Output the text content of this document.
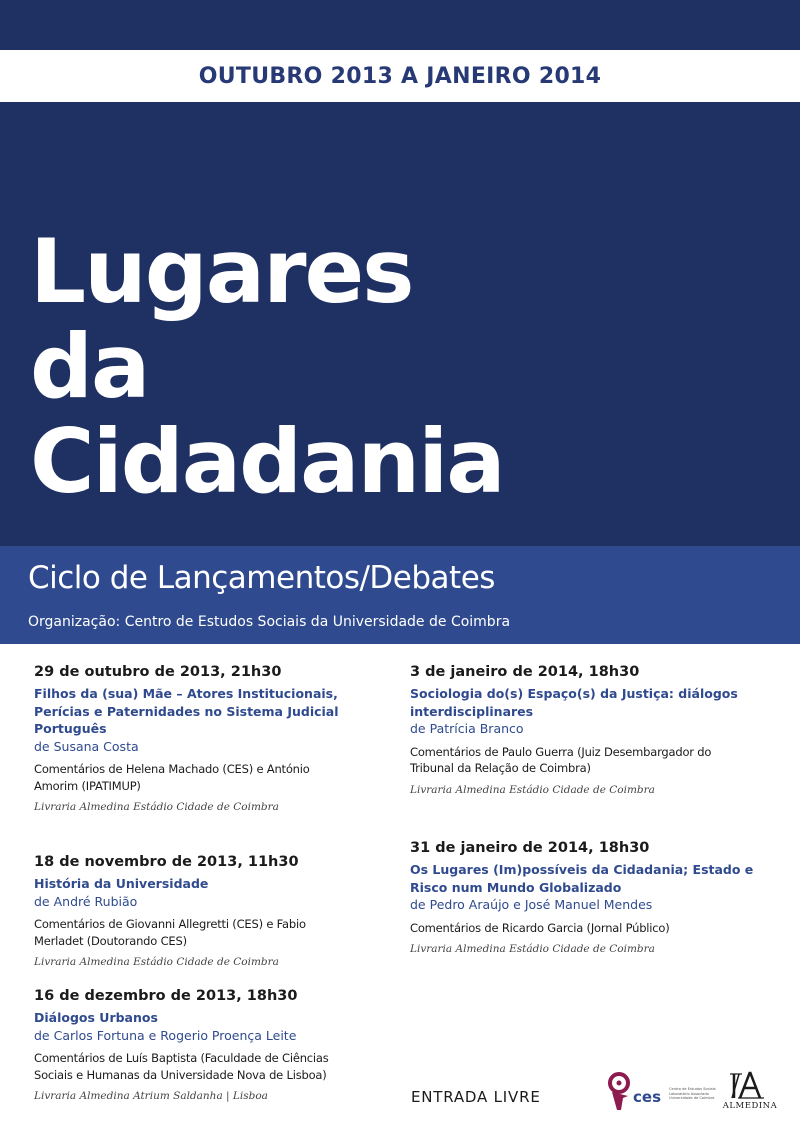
OUTUBRO 2013 A JANEIRO 2014
Lugares
da
Cidadania
Ciclo de Lançamentos/Debates
Organização: Centro de Estudos Sociais da Universidade de Coimbra

29 de outubro de 2013, 21h30

Filhos da (sua) Mãe – Atores Institucionais,

Perícias e Paternidades no Sistema Judicial

Português

de Susana Costa

Comentários de Helena Machado (CES) e António
Amorim (IPATIMUP)

Livraria Almedina Estádio Cidade de Coimbra

18 de novembro de 2013, 11h30

História da Universidade

de André Rubião

Comentários de Giovanni Allegretti (CES) e Fabio
Merladet (Doutorando CES)

Livraria Almedina Estádio Cidade de Coimbra

16 de dezembro de 2013, 18h30

Diálogos Urbanos

de Carlos Fortuna e Rogerio Proença Leite

Comentários de Luís Baptista (Faculdade de Ciências
Sociais e Humanas da Universidade Nova de Lisboa)

Livraria Almedina Atrium Saldanha | Lisboa

3 de janeiro de 2014, 18h30

Sociologia do(s) Espaço(s) da Justiça: diálogos

interdisciplinares

de Patrícia Branco

Comentários de Paulo Guerra (Juiz Desembargador do
Tribunal da Relação de Coimbra)

Livraria Almedina Estádio Cidade de Coimbra

31 de janeiro de 2014, 18h30

Os Lugares (Im)possíveis da Cidadania; Estado e

Risco num Mundo Globalizado

de Pedro Araújo e José Manuel Mendes

Comentários de Ricardo Garcia (Jornal Público)

Livraria Almedina Estádio Cidade de Coimbra

ENTRADA LIVRE	ces Centro de Estudos Sociais
Laboratório Associado
Universidade de Coimbra
ALMEDINA
